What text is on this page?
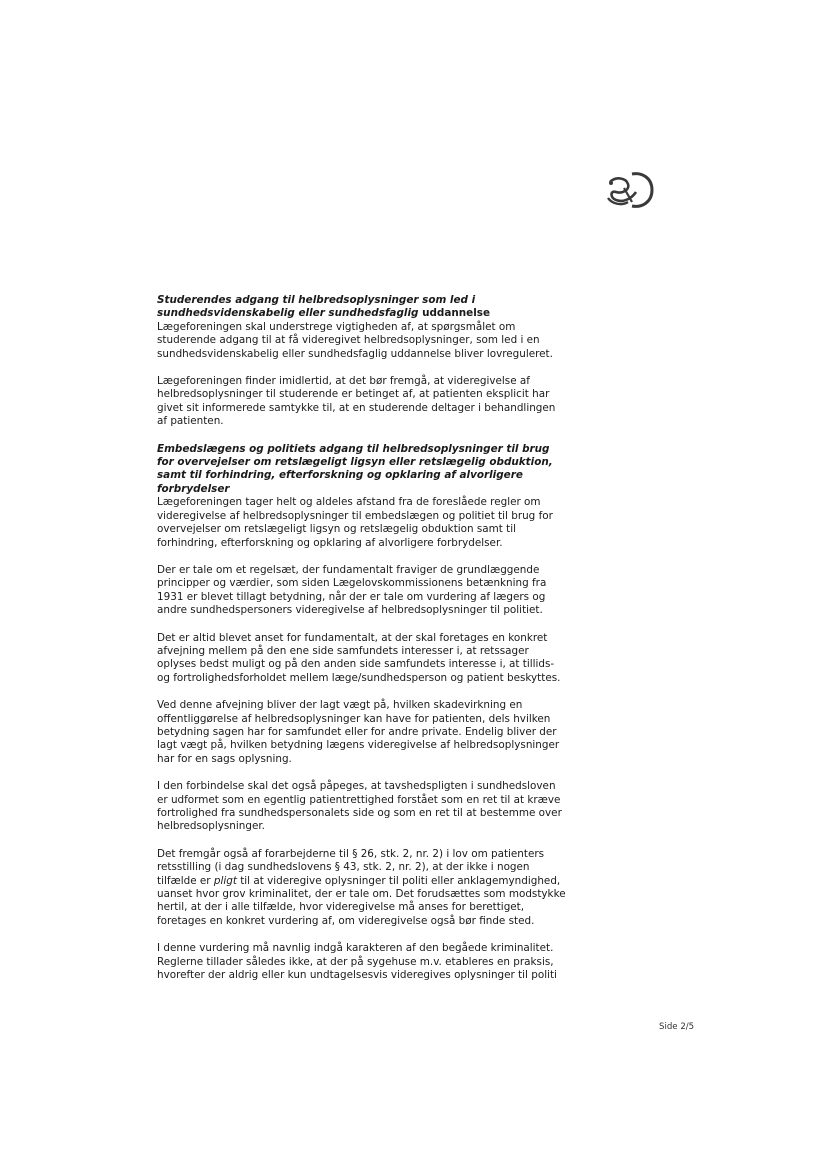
Studerendes adgang til helbredsoplysninger som led i sundhedsvidenskabelig eller sundhedsfaglig uddannelse

Lægeforeningen skal understrege vigtigheden af, at spørgsmålet om studerende adgang til at få videregivet helbredsoplysninger, som led i en sundhedsvidenskabelig eller sundhedsfaglig uddannelse bliver lovreguleret.

Lægeforeningen finder imidlertid, at det bør fremgå, at videregivelse af helbredsoplysninger til studerende er betinget af, at patienten eksplicit har givet sit informerede samtykke til, at en studerende deltager i behandlingen af patienten.

Embedslægens og politiets adgang til helbredsoplysninger til brug for overvejelser om retslægeligt ligsyn eller retslægelig obduktion, samt til forhindring, efterforskning og opklaring af alvorligere forbrydelser

Lægeforeningen tager helt og aldeles afstand fra de foreslåede regler om videregivelse af helbredsoplysninger til embedslægen og politiet til brug for overvejelser om retslægeligt ligsyn og retslægelig obduktion samt til forhindring, efterforskning og opklaring af alvorligere forbrydelser.

Der er tale om et regelsæt, der fundamentalt fraviger de grundlæggende principper og værdier, som siden Lægelovskommissionens betænkning fra 1931 er blevet tillagt betydning, når der er tale om vurdering af lægers og andre sundhedspersoners videregivelse af helbredsoplysninger til politiet.

Det er altid blevet anset for fundamentalt, at der skal foretages en konkret afvejning mellem på den ene side samfundets interesser i, at retssager oplyses bedst muligt og på den anden side samfundets interesse i, at tillids- og fortrolighedsforholdet mellem læge/sundhedsperson og patient beskyttes.

Ved denne afvejning bliver der lagt vægt på, hvilken skadevirkning en offentliggørelse af helbredsoplysninger kan have for patienten, dels hvilken betydning sagen har for samfundet eller for andre private. Endelig bliver der lagt vægt på, hvilken betydning lægens videregivelse af helbredsoplysninger har for en sags oplysning.

I den forbindelse skal det også påpeges, at tavshedspligten i sundhedsloven er udformet som en egentlig patientrettighed forstået som en ret til at kræve fortrolighed fra sundhedspersonalets side og som en ret til at bestemme over helbredsoplysninger.

Det fremgår også af forarbejderne til § 26, stk. 2, nr. 2) i lov om patienters retsstilling (i dag sundhedslovens § 43, stk. 2, nr. 2), at der ikke i nogen tilfælde er pligt til at videregive oplysninger til politi eller anklagemyndighed, uanset hvor grov kriminalitet, der er tale om. Det forudsættes som modstykke hertil, at der i alle tilfælde, hvor videregivelse må anses for berettiget, foretages en konkret vurdering af, om videregivelse også bør finde sted.

I denne vurdering må navnlig indgå karakteren af den begåede kriminalitet. Reglerne tillader således ikke, at der på sygehuse m.v. etableres en praksis, hvorefter der aldrig eller kun undtagelsesvis videregives oplysninger til politi

Side 2/5
